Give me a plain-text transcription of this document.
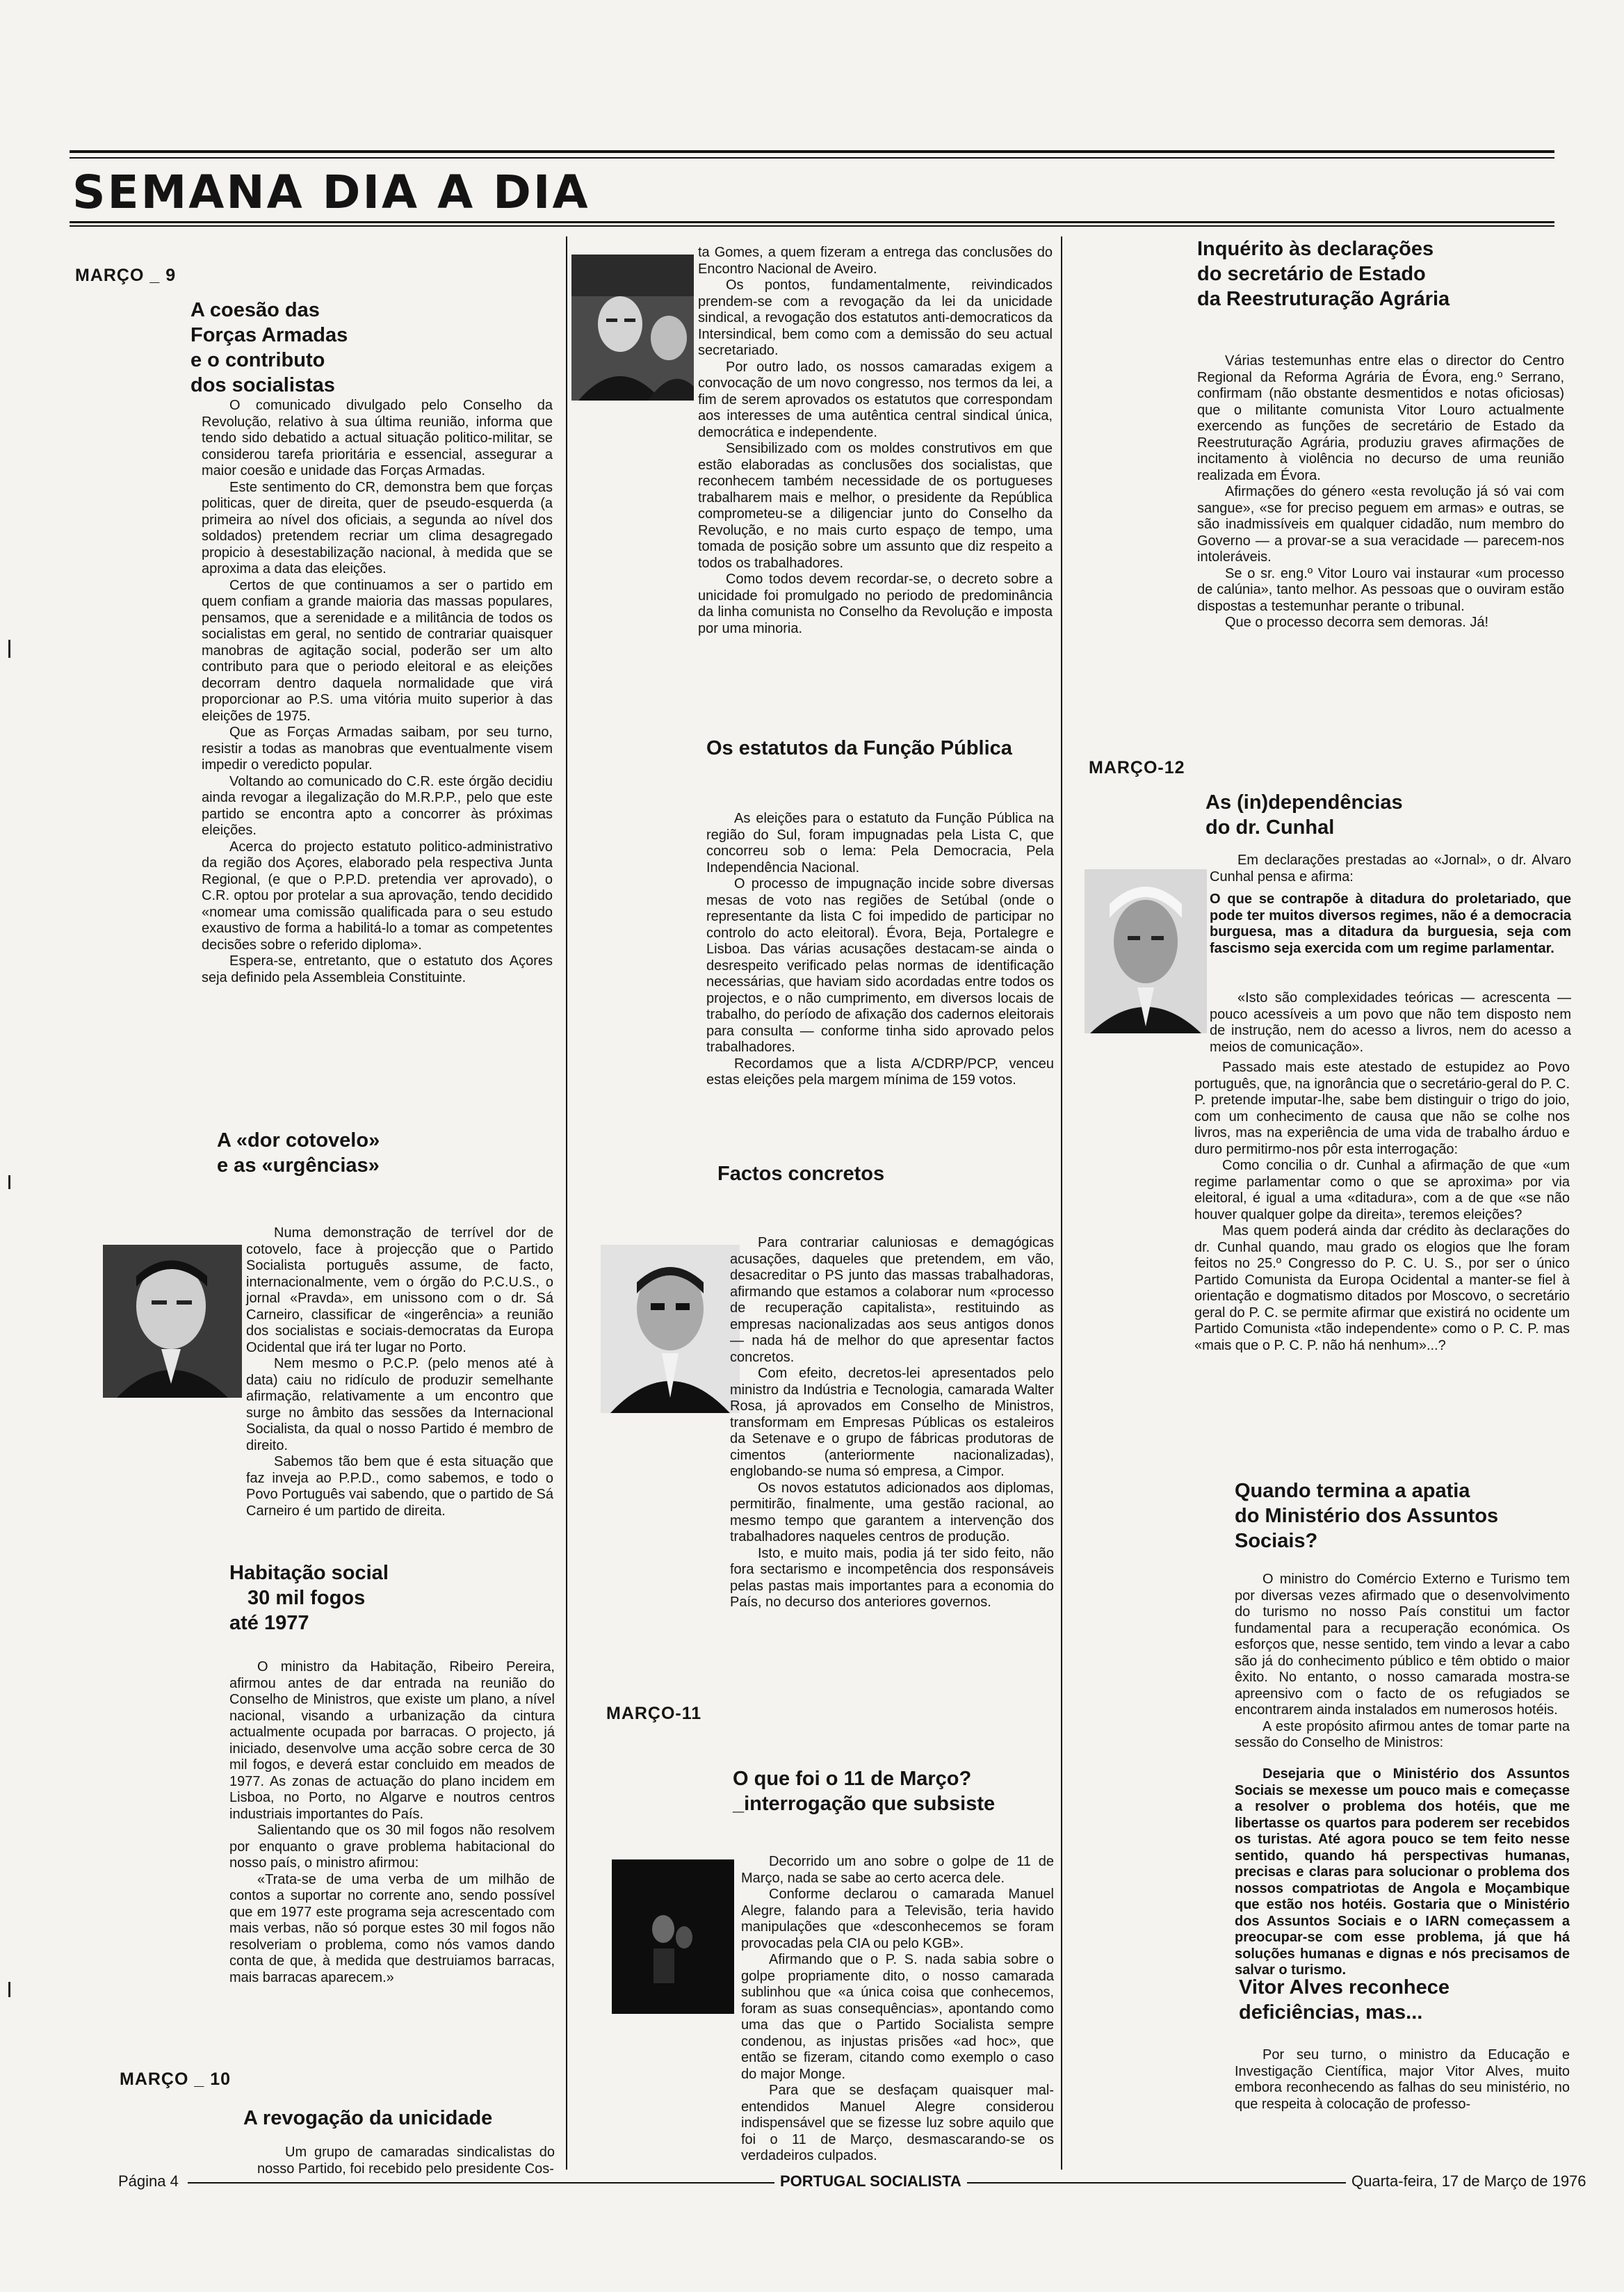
SEMANA DIA A DIA
MARÇO _ 9
A coesão das
Forças Armadas
e o contributo
dos socialistas

O comunicado divulgado pelo Conselho da Revolução, relativo à sua última reunião, informa que tendo sido debatido a actual situação politico-militar, se considerou tarefa prioritária e essencial, assegurar a maior coesão e unidade das Forças Armadas.

Este sentimento do CR, demonstra bem que forças politicas, quer de direita, quer de pseudo-esquerda (a primeira ao nível dos oficiais, a segunda ao nível dos soldados) pretendem recriar um clima desagregado propicio à desestabilização nacional, à medida que se aproxima a data das eleições.

Certos de que continuamos a ser o partido em quem confiam a grande maioria das massas populares, pensamos, que a serenidade e a militância de todos os socialistas em geral, no sentido de contrariar quaisquer manobras de agitação social, poderão ser um alto contributo para que o periodo eleitoral e as eleições decorram dentro daquela normalidade que virá proporcionar ao P.S. uma vitória muito superior à das eleições de 1975.

Que as Forças Armadas saibam, por seu turno, resistir a todas as manobras que eventualmente visem impedir o veredicto popular.

Voltando ao comunicado do C.R. este órgão decidiu ainda revogar a ilegalização do M.R.P.P., pelo que este partido se encontra apto a concorrer às próximas eleições.

Acerca do projecto estatuto politico-administrativo da região dos Açores, elaborado pela respectiva Junta Regional, (e que o P.P.D. pretendia ver aprovado), o C.R. optou por protelar a sua aprovação, tendo decidido «nomear uma comissão qualificada para o seu estudo exaustivo de forma a habilitá-lo a tomar as competentes decisões sobre o referido diploma».

Espera-se, entretanto, que o estatuto dos Açores seja definido pela Assembleia Constituinte.

A «dor cotovelo»
e as «urgências»

Numa demonstração de terrível dor de cotovelo, face à projecção que o Partido Socialista português assume, de facto, internacionalmente, vem o órgão do P.C.U.S., o jornal «Pravda», em unissono com o dr. Sá Carneiro, classificar de «ingerência» a reunião dos socialistas e sociais-democratas da Europa Ocidental que irá ter lugar no Porto.

Nem mesmo o P.C.P. (pelo menos até à data) caiu no ridículo de produzir semelhante afirmação, relativamente a um encontro que surge no âmbito das sessões da Internacional Socialista, da qual o nosso Partido é membro de direito.

Sabemos tão bem que é esta situação que faz inveja ao P.P.D., como sabemos, e todo o Povo Português vai sabendo, que o partido de Sá Carneiro é um partido de direita.

Habitação social
30 mil fogos
até 1977

O ministro da Habitação, Ribeiro Pereira, afirmou antes de dar entrada na reunião do Conselho de Ministros, que existe um plano, a nível nacional, visando a urbanização da cintura actualmente ocupada por barracas. O projecto, já iniciado, desenvolve uma acção sobre cerca de 30 mil fogos, e deverá estar concluido em meados de 1977. As zonas de actuação do plano incidem em Lisboa, no Porto, no Algarve e noutros centros industriais importantes do País.

Salientando que os 30 mil fogos não resolvem por enquanto o grave problema habitacional do nosso país, o ministro afirmou:

«Trata-se de uma verba de um milhão de contos a suportar no corrente ano, sendo possível que em 1977 este programa seja acrescentado com mais verbas, não só porque estes 30 mil fogos não resolveriam o problema, como nós vamos dando conta de que, à medida que destruiamos barracas, mais barracas aparecem.»

MARÇO _ 10
A revogação da unicidade

Um grupo de camaradas sindicalistas do nosso Partido, foi recebido pelo presidente Cos-

ta Gomes, a quem fizeram a entrega das conclusões do Encontro Nacional de Aveiro.

Os pontos, fundamentalmente, reivindicados prendem-se com a revogação da lei da unicidade sindical, a revogação dos estatutos anti-democraticos da Intersindical, bem como com a demissão do seu actual secretariado.

Por outro lado, os nossos camaradas exigem a convocação de um novo congresso, nos termos da lei, a fim de serem aprovados os estatutos que correspondam aos interesses de uma autêntica central sindical única, democrática e independente.

Sensibilizado com os moldes construtivos em que estão elaboradas as conclusões dos socialistas, que reconhecem também necessidade de os portugueses trabalharem mais e melhor, o presidente da República comprometeu-se a diligenciar junto do Conselho da Revolução, e no mais curto espaço de tempo, uma tomada de posição sobre um assunto que diz respeito a todos os trabalhadores.

Como todos devem recordar-se, o decreto sobre a unicidade foi promulgado no periodo de predominância da linha comunista no Conselho da Revolução e imposta por uma minoria.

Os estatutos da Função Pública

As eleições para o estatuto da Função Pública na região do Sul, foram impugnadas pela Lista C, que concorreu sob o lema: Pela Democracia, Pela Independência Nacional.

O processo de impugnação incide sobre diversas mesas de voto nas regiões de Setúbal (onde o representante da lista C foi impedido de participar no controlo do acto eleitoral). Évora, Beja, Portalegre e Lisboa. Das várias acusações destacam-se ainda o desrespeito verificado pelas normas de identificação necessárias, que haviam sido acordadas entre todos os projectos, e o não cumprimento, em diversos locais de trabalho, do período de afixação dos cadernos eleitorais para consulta — conforme tinha sido aprovado pelos trabalhadores.

Recordamos que a lista A/CDRP/PCP, venceu estas eleições pela margem mínima de 159 votos.

Factos concretos

Para contrariar caluniosas e demagógicas acusações, daqueles que pretendem, em vão, desacreditar o PS junto das massas trabalhadoras, afirmando que estamos a colaborar num «processo de recuperação capitalista», restituindo as empresas nacionalizadas aos seus antigos donos — nada há de melhor do que apresentar factos concretos.

Com efeito, decretos-lei apresentados pelo ministro da Indústria e Tecnologia, camarada Walter Rosa, já aprovados em Conselho de Ministros, transformam em Empresas Públicas os estaleiros da Setenave e o grupo de fábricas produtoras de cimentos (anteriormente nacionalizadas), englobando-se numa só empresa, a Cimpor.

Os novos estatutos adicionados aos diplomas, permitirão, finalmente, uma gestão racional, ao mesmo tempo que garantem a intervenção dos trabalhadores naqueles centros de produção.

Isto, e muito mais, podia já ter sido feito, não fora sectarismo e incompetência dos responsáveis pelas pastas mais importantes para a economia do País, no decurso dos anteriores governos.

MARÇO-11
O que foi o 11 de Março?
_interrogação que subsiste

Decorrido um ano sobre o golpe de 11 de Março, nada se sabe ao certo acerca dele.

Conforme declarou o camarada Manuel Alegre, falando para a Televisão, teria havido manipulações que «desconhecemos se foram provocadas pela CIA ou pelo KGB».

Afirmando que o P. S. nada sabia sobre o golpe propriamente dito, o nosso camarada sublinhou que «a única coisa que conhecemos, foram as suas consequências», apontando como uma das que o Partido Socialista sempre condenou, as injustas prisões «ad hoc», que então se fizeram, citando como exemplo o caso do major Monge.

Para que se desfaçam quaisquer mal-entendidos Manuel Alegre considerou indispensável que se fizesse luz sobre aquilo que foi o 11 de Março, desmascarando-se os verdadeiros culpados.

Inquérito às declarações
do secretário de Estado
da Reestruturação Agrária

Várias testemunhas entre elas o director do Centro Regional da Reforma Agrária de Évora, eng.º Serrano, confirmam (não obstante desmentidos e notas oficiosas) que o militante comunista Vitor Louro actualmente exercendo as funções de secretário de Estado da Reestruturação Agrária, produziu graves afirmações de incitamento à violência no decurso de uma reunião realizada em Évora.

Afirmações do género «esta revolução já só vai com sangue», «se for preciso peguem em armas» e outras, se são inadmissíveis em qualquer cidadão, num membro do Governo — a provar-se a sua veracidade — parecem-nos intoleráveis.

Se o sr. eng.º Vitor Louro vai instaurar «um processo de calúnia», tanto melhor. As pessoas que o ouviram estão dispostas a testemunhar perante o tribunal.

Que o processo decorra sem demoras. Já!

MARÇO-12
As (in)dependências
do dr. Cunhal

Em declarações prestadas ao «Jornal», o dr. Alvaro Cunhal pensa e afirma:

O que se contrapõe à ditadura do proletariado, que pode ter muitos diversos regimes, não é a democracia burguesa, mas a ditadura da burguesia, seja com fascismo seja exercida com um regime parlamentar.

«Isto são complexidades teóricas — acrescenta — pouco acessíveis a um povo que não tem disposto nem de instrução, nem do acesso a livros, nem do acesso a meios de comunicação».

Passado mais este atestado de estupidez ao Povo português, que, na ignorância que o secretário-geral do P. C. P. pretende imputar-lhe, sabe bem distinguir o trigo do joio, com um conhecimento de causa que não se colhe nos livros, mas na experiência de uma vida de trabalho árduo e duro permitirmo-nos pôr esta interrogação:

Como concilia o dr. Cunhal a afirmação de que «um regime parlamentar como o que se aproxima» por via eleitoral, é igual a uma «ditadura», com a de que «se não houver qualquer golpe da direita», teremos eleições?

Mas quem poderá ainda dar crédito às declarações do dr. Cunhal quando, mau grado os elogios que lhe foram feitos no 25.º Congresso do P. C. U. S., por ser o único Partido Comunista da Europa Ocidental a manter-se fiel à orientação e dogmatismo ditados por Moscovo, o secretário geral do P. C. se permite afirmar que existirá no ocidente um Partido Comunista «tão independente» como o P. C. P. mas «mais que o P. C. P. não há nenhum»...?

Quando termina a apatia
do Ministério dos Assuntos Sociais?

O ministro do Comércio Externo e Turismo tem por diversas vezes afirmado que o desenvolvimento do turismo no nosso País constitui um factor fundamental para a recuperação económica. Os esforços que, nesse sentido, tem vindo a levar a cabo são já do conhecimento público e têm obtido o maior êxito. No entanto, o nosso camarada mostra-se apreensivo com o facto de os refugiados se encontrarem ainda instalados em numerosos hotéis.

A este propósito afirmou antes de tomar parte na sessão do Conselho de Ministros:

Desejaria que o Ministério dos Assuntos Sociais se mexesse um pouco mais e começasse a resolver o problema dos hotéis, que me libertasse os quartos para poderem ser recebidos os turistas. Até agora pouco se tem feito nesse sentido, quando há perspectivas humanas, precisas e claras para solucionar o problema dos nossos compatriotas de Angola e Moçambique que estão nos hotéis. Gostaria que o Ministério dos Assuntos Sociais e o IARN começassem a preocupar-se com esse problema, já que há soluções humanas e dignas e nós precisamos de salvar o turismo.

Vitor Alves reconhece
deficiências, mas...

Por seu turno, o ministro da Educação e Investigação Científica, major Vitor Alves, muito embora reconhecendo as falhas do seu ministério, no que respeita à colocação de professo-

Página 4	PORTUGAL SOCIALISTA	Quarta-feira, 17 de Março de 1976
